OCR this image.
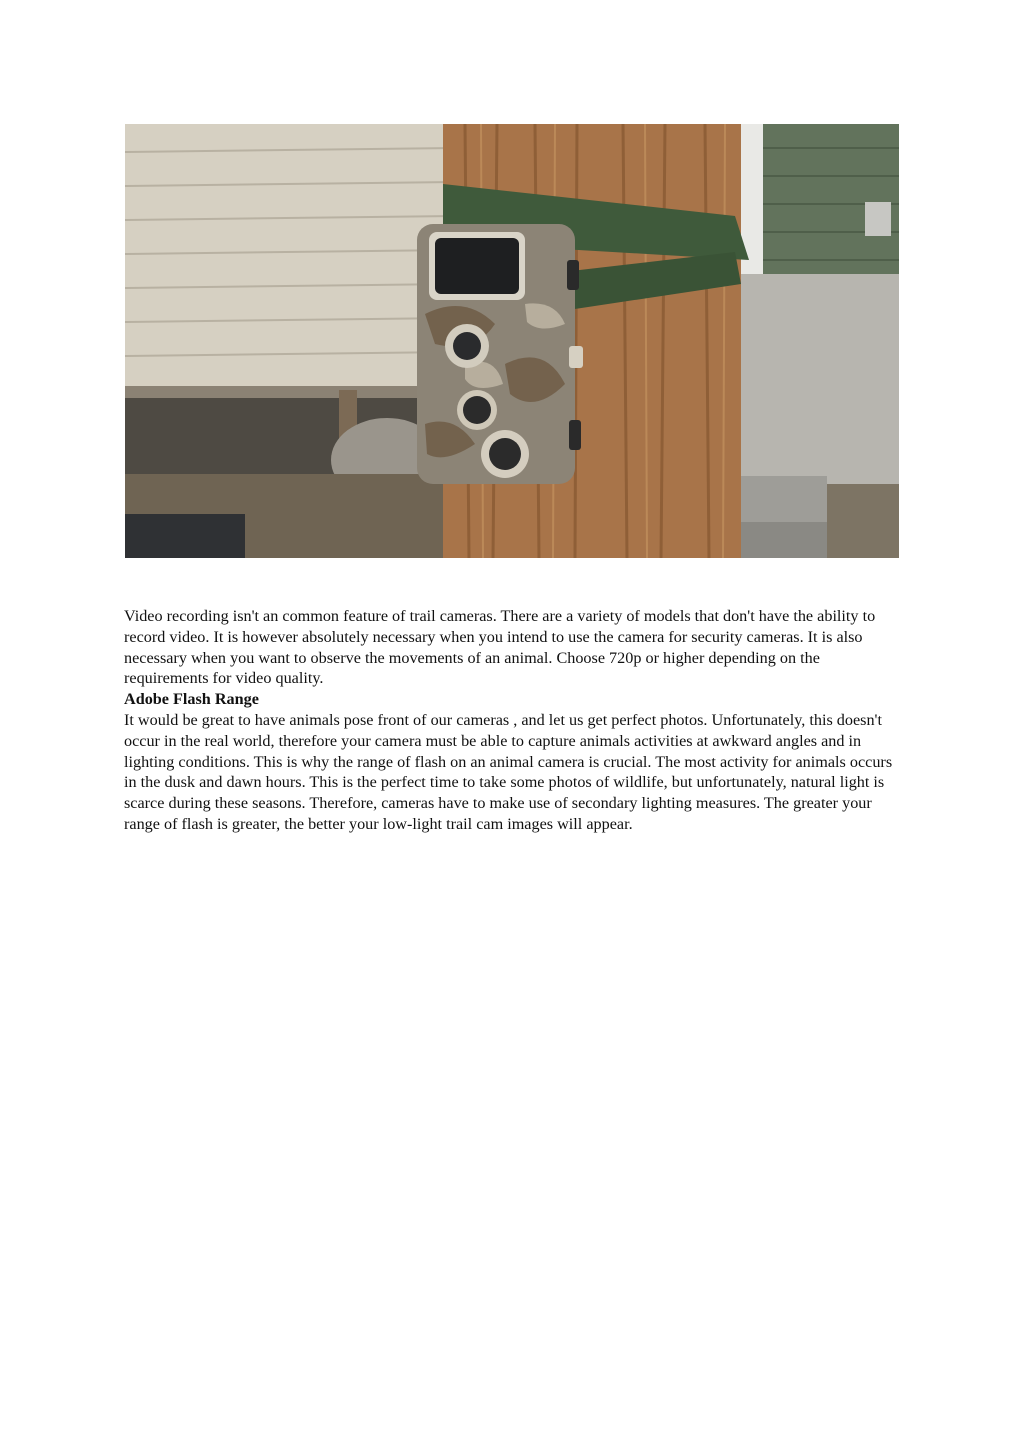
Video recording isn't an common feature of trail cameras. There are a variety of models that don't have the ability to record video. It is however absolutely necessary when you intend to use the camera for security cameras. It is also necessary when you want to observe the movements of an animal. Choose 720p or higher depending on the requirements for video quality.

Adobe Flash Range

It would be great to have animals pose front of our cameras , and let us get perfect photos. Unfortunately, this doesn't occur in the real world, therefore your camera must be able to capture animals activities at awkward angles and in lighting conditions. This is why the range of flash on an animal camera is crucial. The most activity for animals occurs in the dusk and dawn hours. This is the perfect time to take some photos of wildlife, but unfortunately, natural light is scarce during these seasons. Therefore, cameras have to make use of secondary lighting measures. The greater your range of flash is greater, the better your low-light trail cam images will appear.
